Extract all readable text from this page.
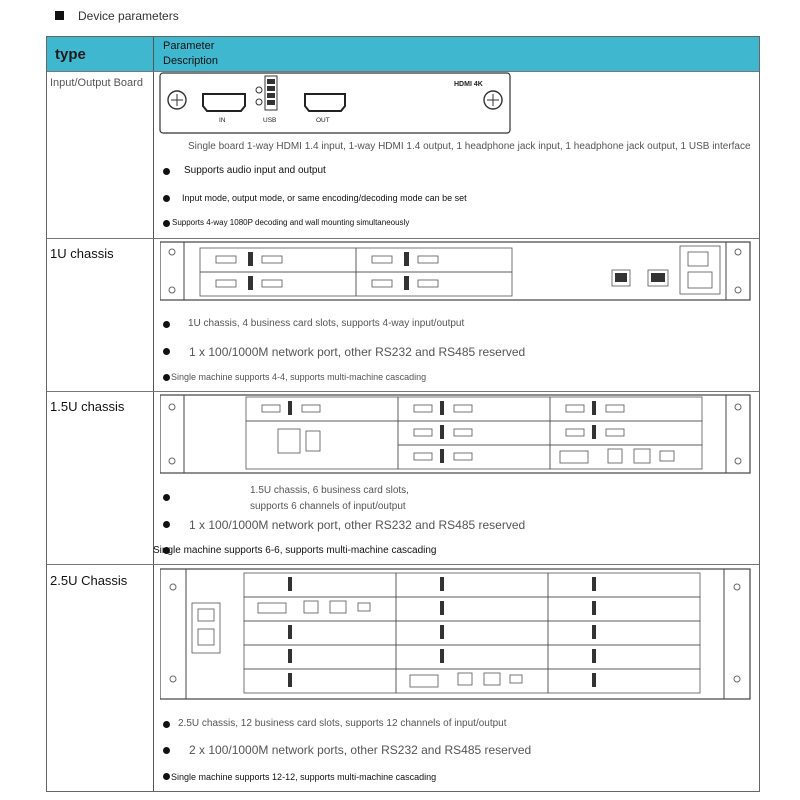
Device parameters
type	Parameter
Description
Input/Output Board	HDMI 4K
IN	USB	OUT
Single board 1-way HDMI 1.4 input, 1-way HDMI 1.4 output, 1 headphone jack input, 1 headphone jack output, 1 USB interface
Supports audio input and output
Input mode, output mode, or same encoding/decoding mode can be set
Supports 4-way 1080P decoding and wall mounting simultaneously
1U chassis
1U chassis, 4 business card slots, supports 4-way input/output
1 x 100/1000M network port, other RS232 and RS485 reserved
Single machine supports 4-4, supports multi-machine cascading
1.5U chassis
1.5U chassis, 6 business card slots,
supports 6 channels of input/output
1 x 100/1000M network port, other RS232 and RS485 reserved
Single machine supports 6-6, supports multi-machine cascading
2.5U Chassis
2.5U chassis, 12 business card slots, supports 12 channels of input/output
2 x 100/1000M network ports, other RS232 and RS485 reserved
Single machine supports 12-12, supports multi-machine cascading
